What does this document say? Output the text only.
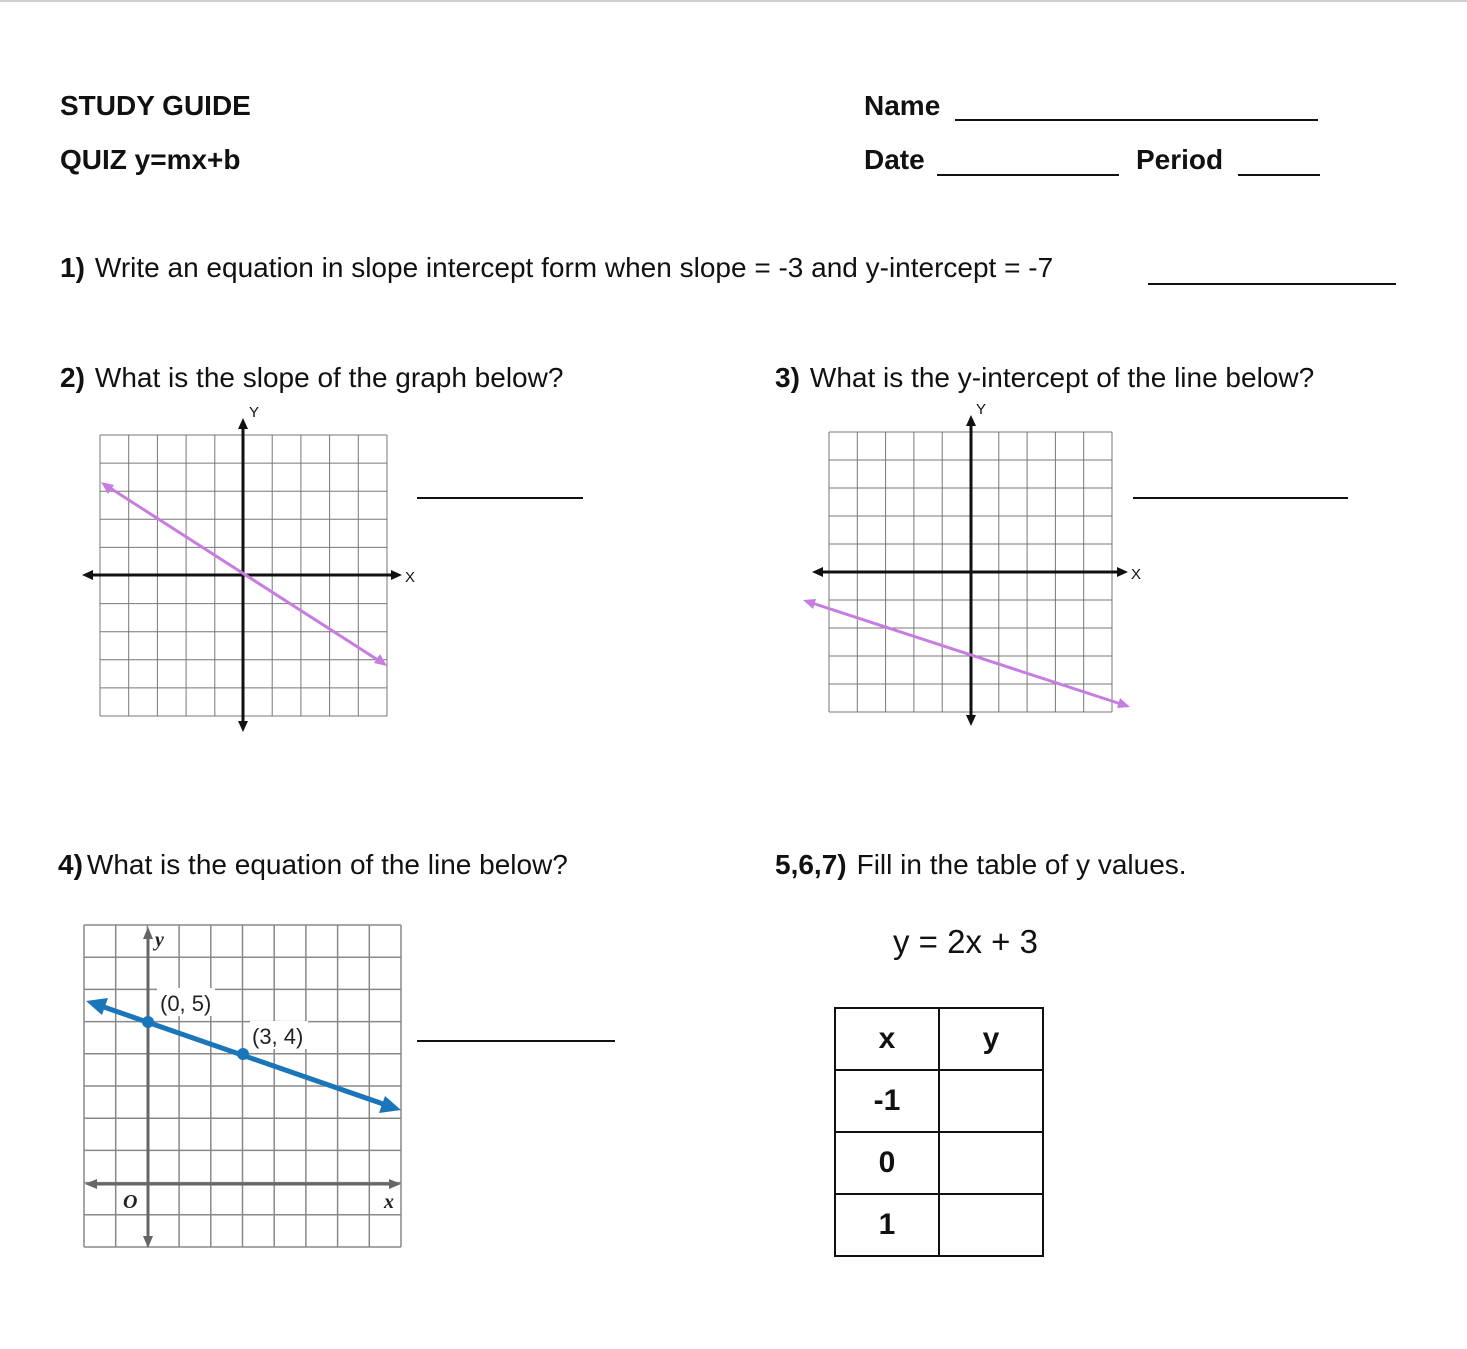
STUDY GUIDE
QUIZ y=mx+b
Name
Date	Period
1) Write an equation in slope intercept form when slope = -3 and y-intercept = -7
2) What is the slope of the graph below?
X
Y
3) What is the y-intercept of the line below?
X
Y
4) What is the equation of the line below?
y
x
O
(0, 5)
(3, 4)
5,6,7) Fill in the table of y values.
y = 2x + 3
x	y
-1	
0	
1	
